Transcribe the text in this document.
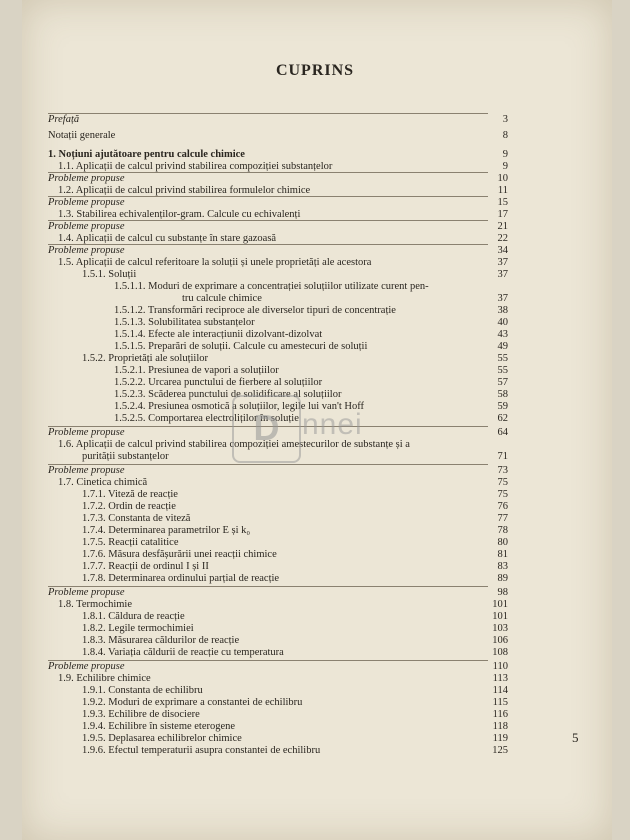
CUPRINS
Prefață	3
Notații generale	8
1. Noțiuni ajutătoare pentru calcule chimice	9
1.1. Aplicații de calcul privind stabilirea compoziției substanțelor	9
Probleme propuse	10
1.2. Aplicații de calcul privind stabilirea formulelor chimice	11
Probleme propuse	15
1.3. Stabilirea echivalenților-gram. Calcule cu echivalenți	17
Probleme propuse	21
1.4. Aplicații de calcul cu substanțe în stare gazoasă	22
Probleme propuse	34
1.5. Aplicații de calcul referitoare la soluții și unele proprietăți ale acestora	37
1.5.1. Soluții	37
1.5.1.1. Moduri de exprimare a concentrației soluțiilor utilizate curent pen-
tru calcule chimice	37
1.5.1.2. Transformări reciproce ale diverselor tipuri de concentrație	38
1.5.1.3. Solubilitatea substanțelor	40
1.5.1.4. Efecte ale interacțiunii dizolvant-dizolvat	43
1.5.1.5. Preparări de soluții. Calcule cu amestecuri de soluții	49
1.5.2. Proprietăți ale soluțiilor	55
1.5.2.1. Presiunea de vapori a soluțiilor	55
1.5.2.2. Urcarea punctului de fierbere al soluțiilor	57
1.5.2.3. Scăderea punctului de solidificare al soluțiilor	58
1.5.2.4. Presiunea osmotică a soluțiilor, legile lui van't Hoff	59
1.5.2.5. Comportarea electroliților în soluție	62
Probleme propuse	64
1.6. Aplicații de calcul privind stabilirea compoziției amestecurilor de substanțe și a
purității substanțelor	71
Probleme propuse	73
1.7. Cinetica chimică	75
1.7.1. Viteză de reacție	75
1.7.2. Ordin de reacție	76
1.7.3. Constanta de viteză	77
1.7.4. Determinarea parametrilor E și k₀	78
1.7.5. Reacții catalitice	80
1.7.6. Măsura desfășurării unei reacții chimice	81
1.7.7. Reacții de ordinul I și II	83
1.7.8. Determinarea ordinului parțial de reacție	89
Probleme propuse	98
1.8. Termochimie	101
1.8.1. Căldura de reacție	101
1.8.2. Legile termochimiei	103
1.8.3. Măsurarea căldurilor de reacție	106
1.8.4. Variația căldurii de reacție cu temperatura	108
Probleme propuse	110
1.9. Echilibre chimice	113
1.9.1. Constanta de echilibru	114
1.9.2. Moduri de exprimare a constantei de echilibru	115
1.9.3. Echilibre de disociere	116
1.9.4. Echilibre în sisteme eterogene	118
1.9.5. Deplasarea echilibrelor chimice	119
1.9.6. Efectul temperaturii asupra constantei de echilibru	125
D nnei
5
